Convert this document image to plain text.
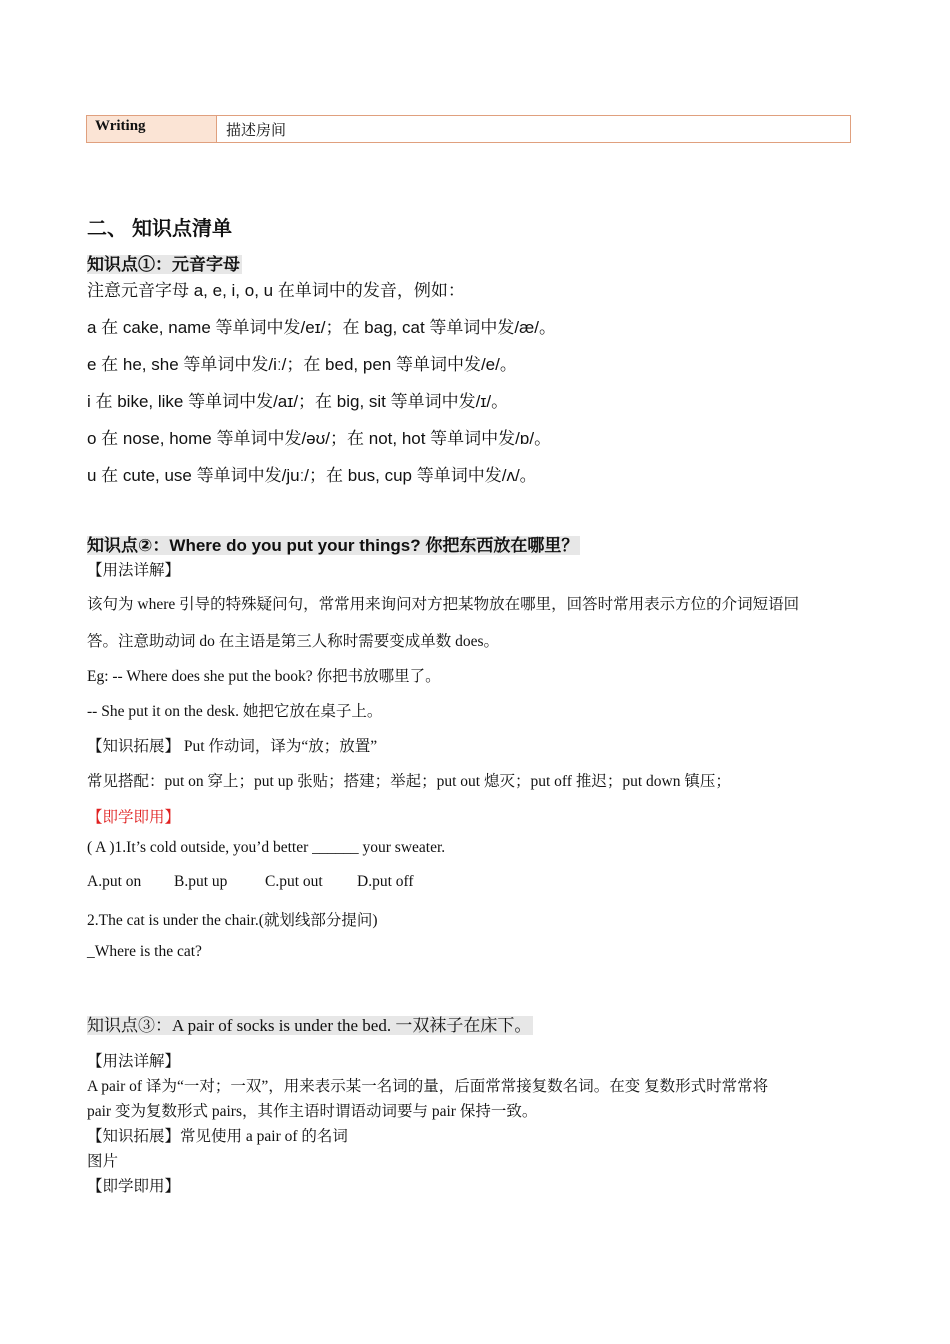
Writing	描述房间
二、 知识点清单
知识点①：元音字母
注意元音字母 a, e, i, o, u 在单词中的发音，例如：
a 在 cake, name 等单词中发/eɪ/；在 bag, cat 等单词中发/æ/。
e 在 he, she 等单词中发/iː/；在 bed, pen 等单词中发/e/。
i 在 bike, like 等单词中发/aɪ/；在 big, sit 等单词中发/ɪ/。
o 在 nose, home 等单词中发/əʊ/；在 not, hot 等单词中发/ɒ/。
u 在 cute, use 等单词中发/juː/；在 bus, cup 等单词中发/ʌ/。
知识点②：Where do you put your things? 你把东西放在哪里？
【用法详解】
该句为 where 引导的特殊疑问句，常常用来询问对方把某物放在哪里，回答时常用表示方位的介词短语回
答。注意助动词 do 在主语是第三人称时需要变成单数 does。
Eg: -- Where does she put the book? 你把书放哪里了。
-- She put it on the desk. 她把它放在桌子上。
【知识拓展】 Put 作动词，译为“放；放置”
常见搭配：put on 穿上；put up 张贴；搭建；举起；put out 熄灭；put off 推迟；put down 镇压；
【即学即用】
( A )1.It’s cold outside, you’d better ______ your sweater.
A.put on B.put up C.put out D.put off
2.The cat is under the chair.(就划线部分提问)
_Where is the cat?
知识点③：A pair of socks is under the bed. 一双袜子在床下。
【用法详解】
A pair of 译为“一对；一双”，用来表示某一名词的量，后面常常接复数名词。在变 复数形式时常常将
pair 变为复数形式 pairs，其作主语时谓语动词要与 pair 保持一致。
【知识拓展】常见使用 a pair of 的名词
图片
【即学即用】
